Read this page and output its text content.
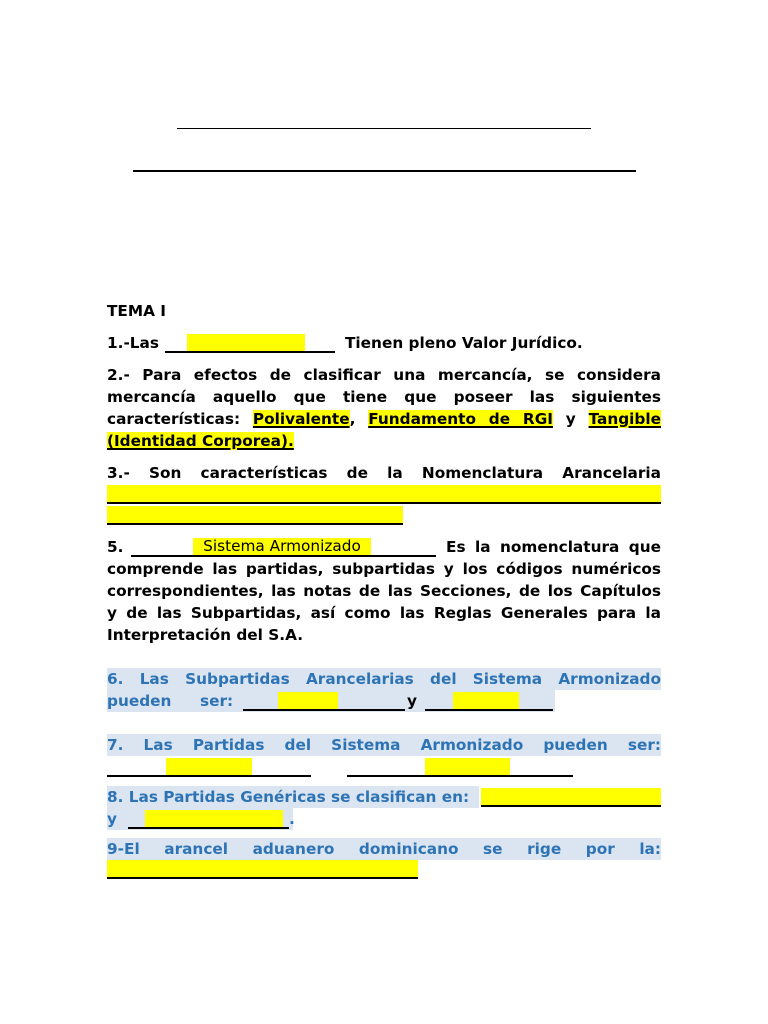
TEMA I
1.-Las	Tienen pleno Valor Jurídico.
2.- Para efectos de clasificar una mercancía, se considera
mercancía aquello que tiene que poseer las siguientes
características: Polivalente, Fundamento de RGI y Tangible
(Identidad Corporea).
3.- Son características de la Nomenclatura Arancelaria
5.	Sistema Armonizado	Es la nomenclatura que
comprende las partidas, subpartidas y los códigos numéricos
correspondientes, las notas de las Secciones, de los Capítulos
y de las Subpartidas, así como las Reglas Generales para la
Interpretación del S.A.
6. Las Subpartidas Arancelarias del Sistema Armonizado
pueden ser:	y
7. Las Partidas del Sistema Armonizado pueden ser:
8. Las Partidas Genéricas se clasifican en:
y	.
9-El arancel aduanero dominicano se rige por la:
